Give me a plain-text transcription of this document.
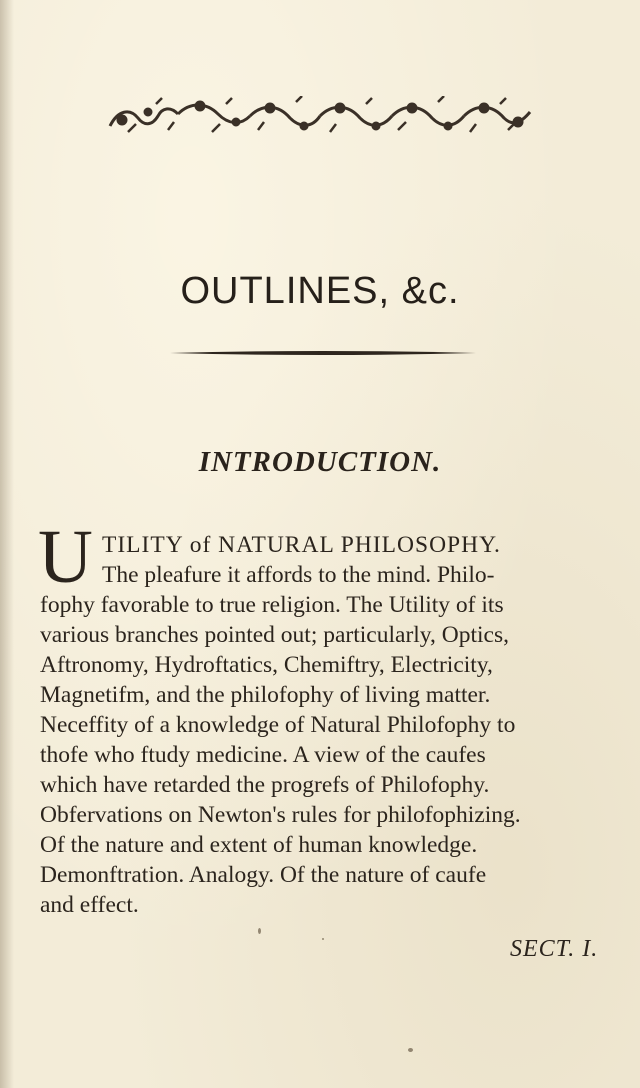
OUTLINES, &c.
INTRODUCTION.
U TILITY of NATURAL PHILOSOPHY.
The pleafure it affords to the mind. Philo-
fophy favorable to true religion. The Utility of its
various branches pointed out; particularly, Optics,
Aftronomy, Hydroftatics, Chemiftry, Electricity,
Magnetifm, and the philofophy of living matter.
Neceffity of a knowledge of Natural Philofophy to
thofe who ftudy medicine. A view of the caufes
which have retarded the progrefs of Philofophy.
Obfervations on Newton's rules for philofophizing.
Of the nature and extent of human knowledge.
Demonftration. Analogy. Of the nature of caufe
and effect.
SECT. I.
